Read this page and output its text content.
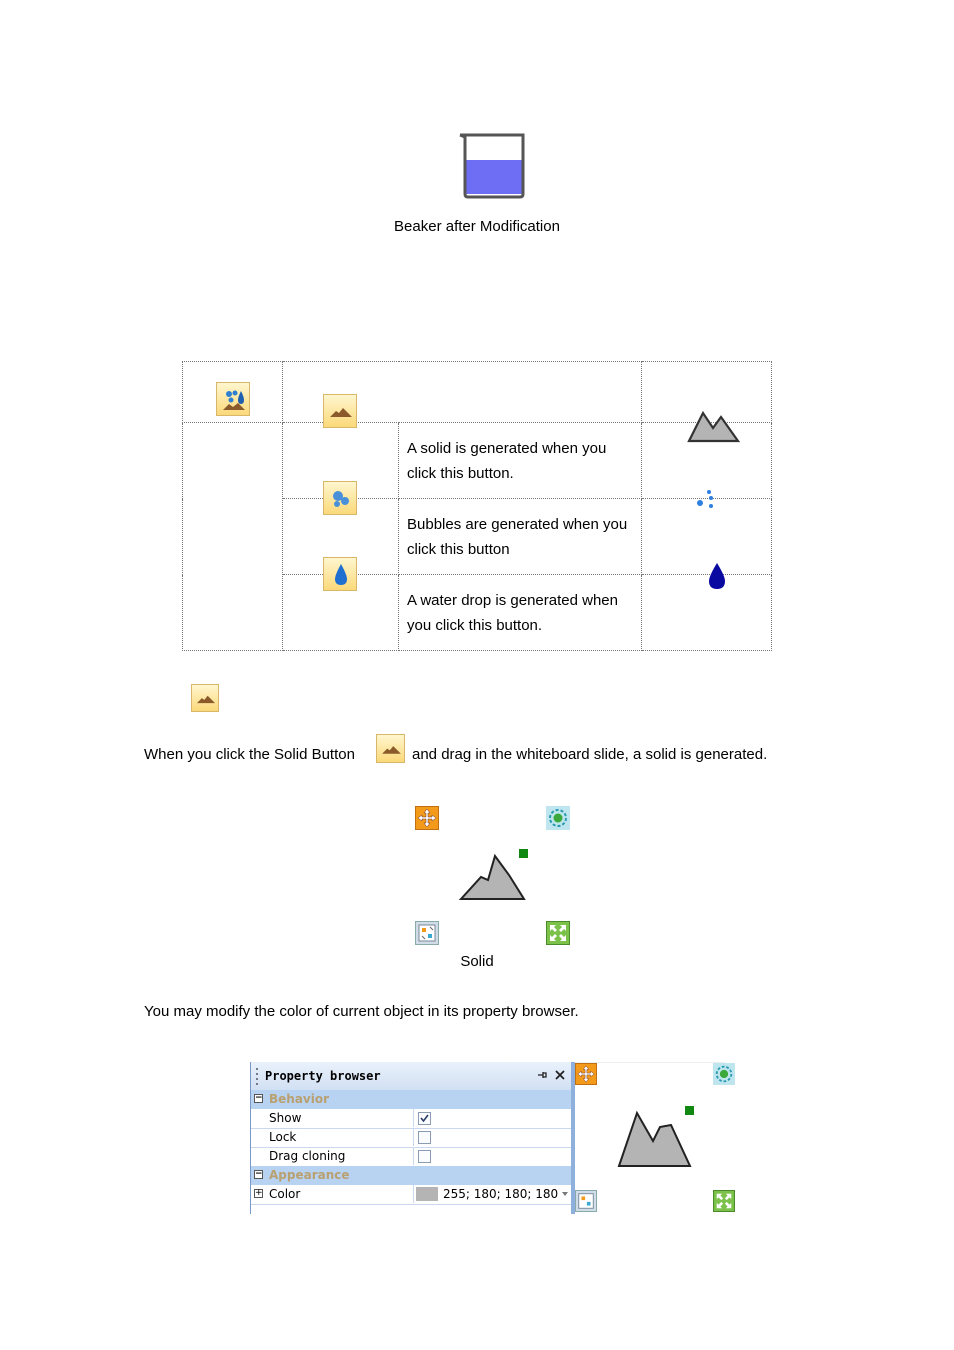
Beaker after Modification

A solid is generated when you click this button.

Bubbles are generated when you click this button

A water drop is generated when you click this button.

When you click the Solid Button	and drag in the whiteboard slide, a solid is generated.
Solid
You may modify the color of current object in its property browser.
Property browser
− Behavior
Show
Lock
Drag cloning
− Appearance
+ Color	255; 180; 180; 180
